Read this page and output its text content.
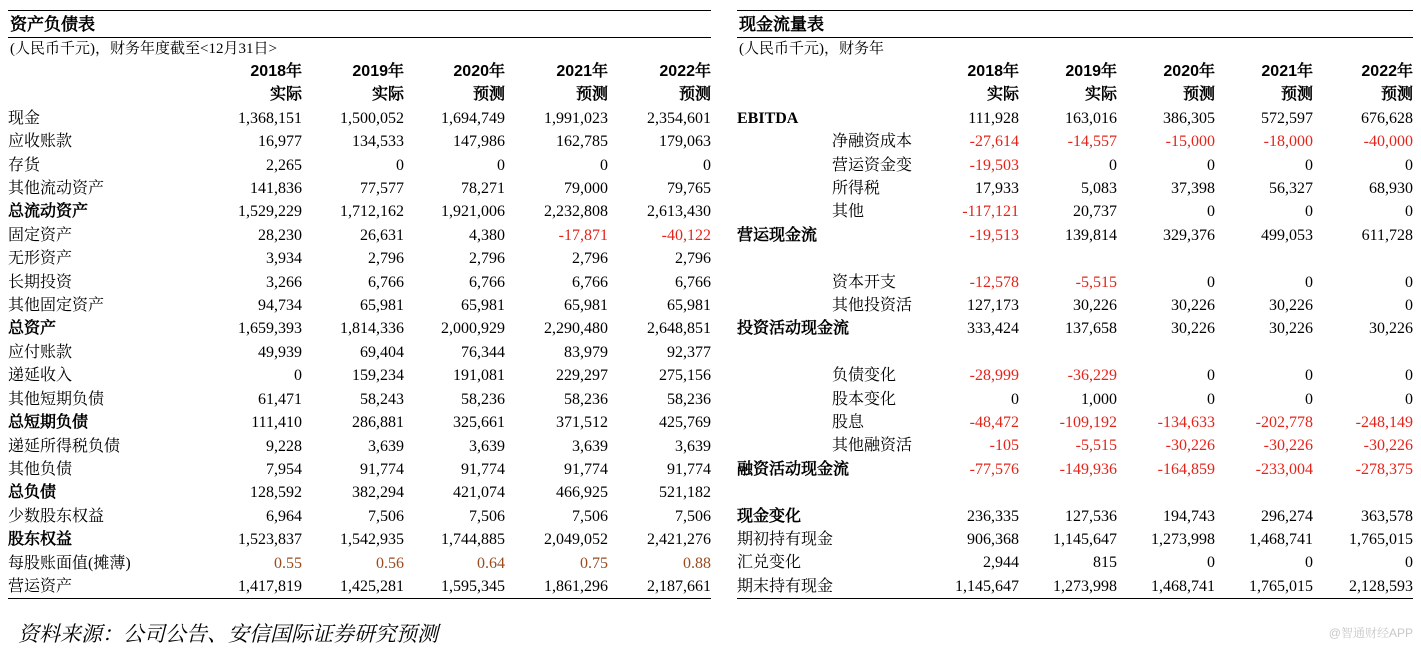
资产负债表
(人民币千元)，财务年度截至<12月31日>
	2018年	2019年	2020年	2021年	2022年
	实际	实际	预测	预测	预测
现金	1,368,151	1,500,052	1,694,749	1,991,023	2,354,601
应收账款	16,977	134,533	147,986	162,785	179,063
存货	2,265	0	0	0	0
其他流动资产	141,836	77,577	78,271	79,000	79,765
总流动资产	1,529,229	1,712,162	1,921,006	2,232,808	2,613,430
固定资产	28,230	26,631	4,380	-17,871	-40,122
无形资产	3,934	2,796	2,796	2,796	2,796
长期投资	3,266	6,766	6,766	6,766	6,766
其他固定资产	94,734	65,981	65,981	65,981	65,981
总资产	1,659,393	1,814,336	2,000,929	2,290,480	2,648,851
应付账款	49,939	69,404	76,344	83,979	92,377
递延收入	0	159,234	191,081	229,297	275,156
其他短期负债	61,471	58,243	58,236	58,236	58,236
总短期负债	111,410	286,881	325,661	371,512	425,769
递延所得税负债	9,228	3,639	3,639	3,639	3,639
其他负债	7,954	91,774	91,774	91,774	91,774
总负债	128,592	382,294	421,074	466,925	521,182
少数股东权益	6,964	7,506	7,506	7,506	7,506
股东权益	1,523,837	1,542,935	1,744,885	2,049,052	2,421,276
每股账面值(摊薄)	0.55	0.56	0.64	0.75	0.88
营运资产	1,417,819	1,425,281	1,595,345	1,861,296	2,187,661
现金流量表
(人民币千元)，财务年
	2018年	2019年	2020年	2021年	2022年
	实际	实际	预测	预测	预测
EBITDA	111,928	163,016	386,305	572,597	676,628
净融资成本	-27,614	-14,557	-15,000	-18,000	-40,000
营运资金变	-19,503	0	0	0	0
所得税	17,933	5,083	37,398	56,327	68,930
其他	-117,121	20,737	0	0	0
营运现金流	-19,513	139,814	329,376	499,053	611,728

资本开支	-12,578	-5,515	0	0	0
其他投资活	127,173	30,226	30,226	30,226	0
投资活动现金流	333,424	137,658	30,226	30,226	30,226

负债变化	-28,999	-36,229	0	0	0
股本变化	0	1,000	0	0	0
股息	-48,472	-109,192	-134,633	-202,778	-248,149
其他融资活	-105	-5,515	-30,226	-30,226	-30,226
融资活动现金流	-77,576	-149,936	-164,859	-233,004	-278,375

现金变化	236,335	127,536	194,743	296,274	363,578
期初持有现金	906,368	1,145,647	1,273,998	1,468,741	1,765,015
汇兑变化	2,944	815	0	0	0
期末持有现金	1,145,647	1,273,998	1,468,741	1,765,015	2,128,593
资料来源：公司公告、安信国际证券研究预测	@智通财经APP
